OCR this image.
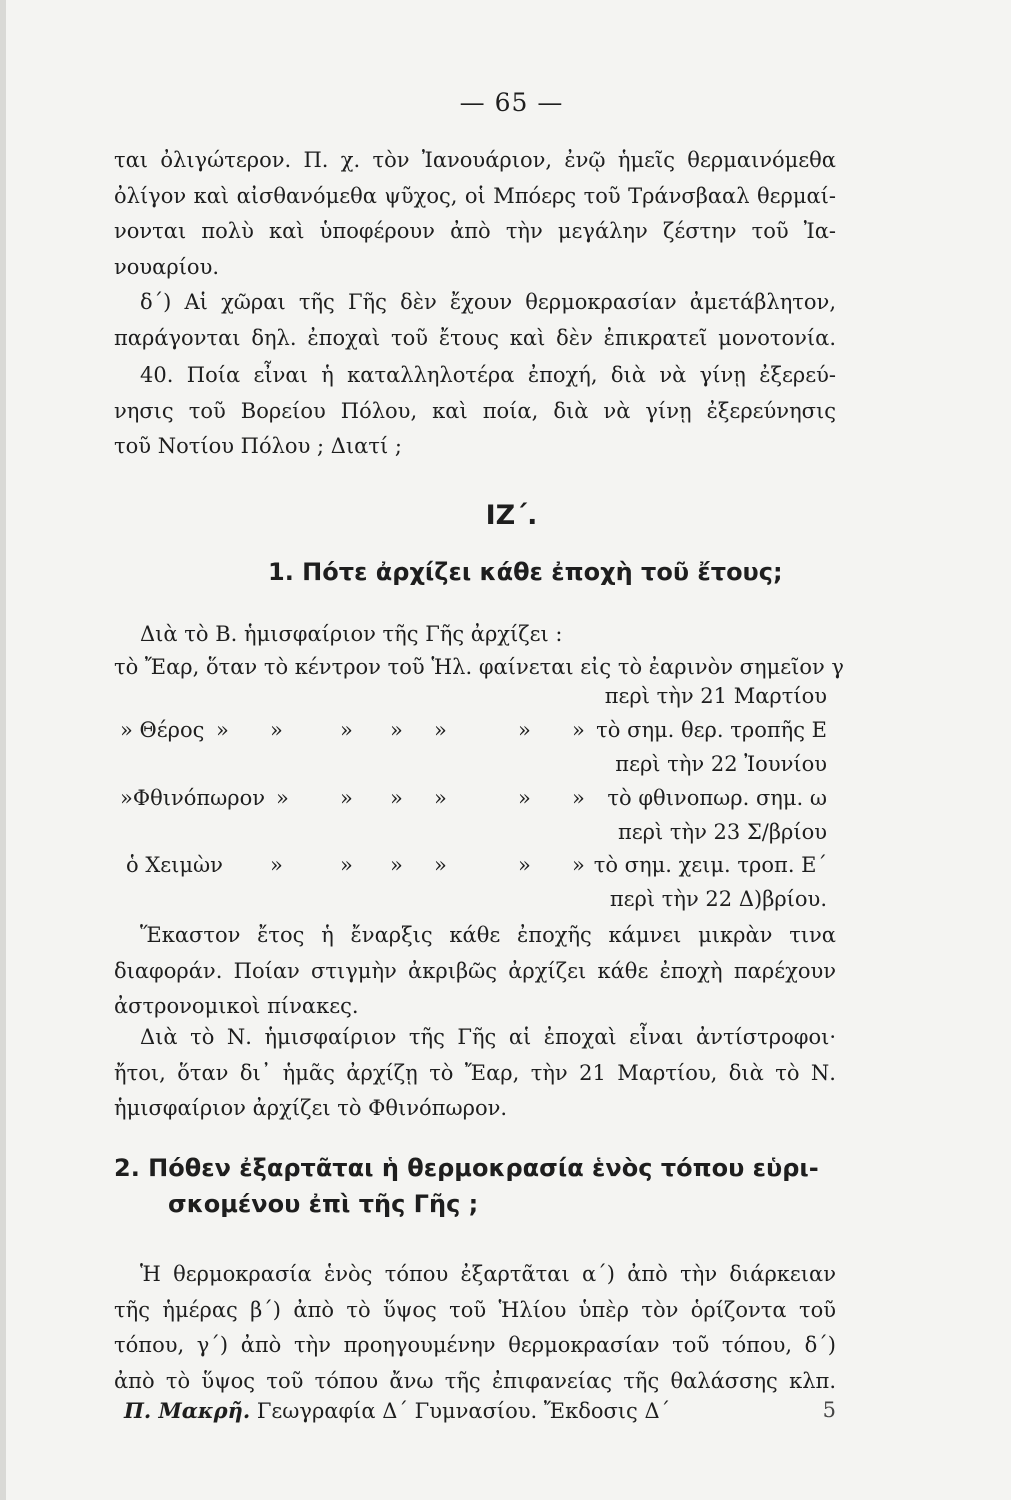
— 65 —
ται ὀλιγώτερον. Π. χ. τὸν Ἰανουάριον, ἐνῷ ἡμεῖς θερμαινόμεθα
ὀλίγον καὶ αἰσθανόμεθα ψῦχος, οἱ Μπόερς τοῦ Τράνσβααλ θερμαί-
νονται πολὺ καὶ ὑποφέρουν ἀπὸ τὴν μεγάλην ζέστην τοῦ Ἰα-
νουαρίου.
δ΄) Αἱ χῶραι τῆς Γῆς δὲν ἔχουν θερμοκρασίαν ἀμετάβλητον,
παράγονται δηλ. ἐποχαὶ τοῦ ἔτους καὶ δὲν ἐπικρατεῖ μονοτονία.
40. Ποία εἶναι ἡ καταλληλοτέρα ἐποχή, διὰ νὰ γίνῃ ἐξερεύ-
νησις τοῦ Βορείου Πόλου, καὶ ποία, διὰ νὰ γίνῃ ἐξερεύνησις
τοῦ Νοτίου Πόλου ; Διατί ;
ΙΖ΄.
1. Πότε ἀρχίζει κάθε ἐποχὴ τοῦ ἔτους;
Διὰ τὸ Β. ἡμισφαίριον τῆς Γῆς ἀρχίζει :
τὸ Ἔαρ, ὅταν τὸ κέντρον τοῦ Ἡλ. φαίνεται εἰς τὸ ἐαρινὸν σημεῖον γ
περὶ τὴν 21 Μαρτίου
» Θέρος » »	» » »	» » τὸ σημ. θερ. τροπῆς Ε
περὶ τὴν 22 Ἰουνίου
»Φθινόπωρον » » » »	» » τὸ φθινοπωρ. σημ. ω
περὶ τὴν 23 Σ/βρίου
ὁ Χειμὼν »	» » »	» » τὸ σημ. χειμ. τροπ. Ε΄
περὶ τὴν 22 Δ)βρίου.
Ἕκαστον ἔτος ἡ ἔναρξις κάθε ἐποχῆς κάμνει μικρὰν τινα
διαφοράν. Ποίαν στιγμὴν ἀκριβῶς ἀρχίζει κάθε ἐποχὴ παρέχουν
ἀστρονομικοὶ πίνακες.
Διὰ τὸ Ν. ἡμισφαίριον τῆς Γῆς αἱ ἐποχαὶ εἶναι ἀντίστροφοι·
ἤτοι, ὅταν δι᾽ ἡμᾶς ἀρχίζῃ τὸ Ἔαρ, τὴν 21 Μαρτίου, διὰ τὸ Ν.
ἡμισφαίριον ἀρχίζει τὸ Φθινόπωρον.
2. Πόθεν ἐξαρτᾶται ἡ θερμοκρασία ἑνὸς τόπου εὑρι-
σκομένου ἐπὶ τῆς Γῆς ;
Ἡ θερμοκρασία ἑνὸς τόπου ἐξαρτᾶται α΄) ἀπὸ τὴν διάρκειαν
τῆς ἡμέρας β΄) ἀπὸ τὸ ὕψος τοῦ Ἡλίου ὑπὲρ τὸν ὁρίζοντα τοῦ
τόπου, γ΄) ἀπὸ τὴν προηγουμένην θερμοκρασίαν τοῦ τόπου, δ΄)
ἀπὸ τὸ ὕψος τοῦ τόπου ἄνω τῆς ἐπιφανείας τῆς θαλάσσης κλπ.
Π. Μακρῆ. Γεωγραφία Δ΄ Γυμνασίου. Ἔκδοσις Δ΄	5
